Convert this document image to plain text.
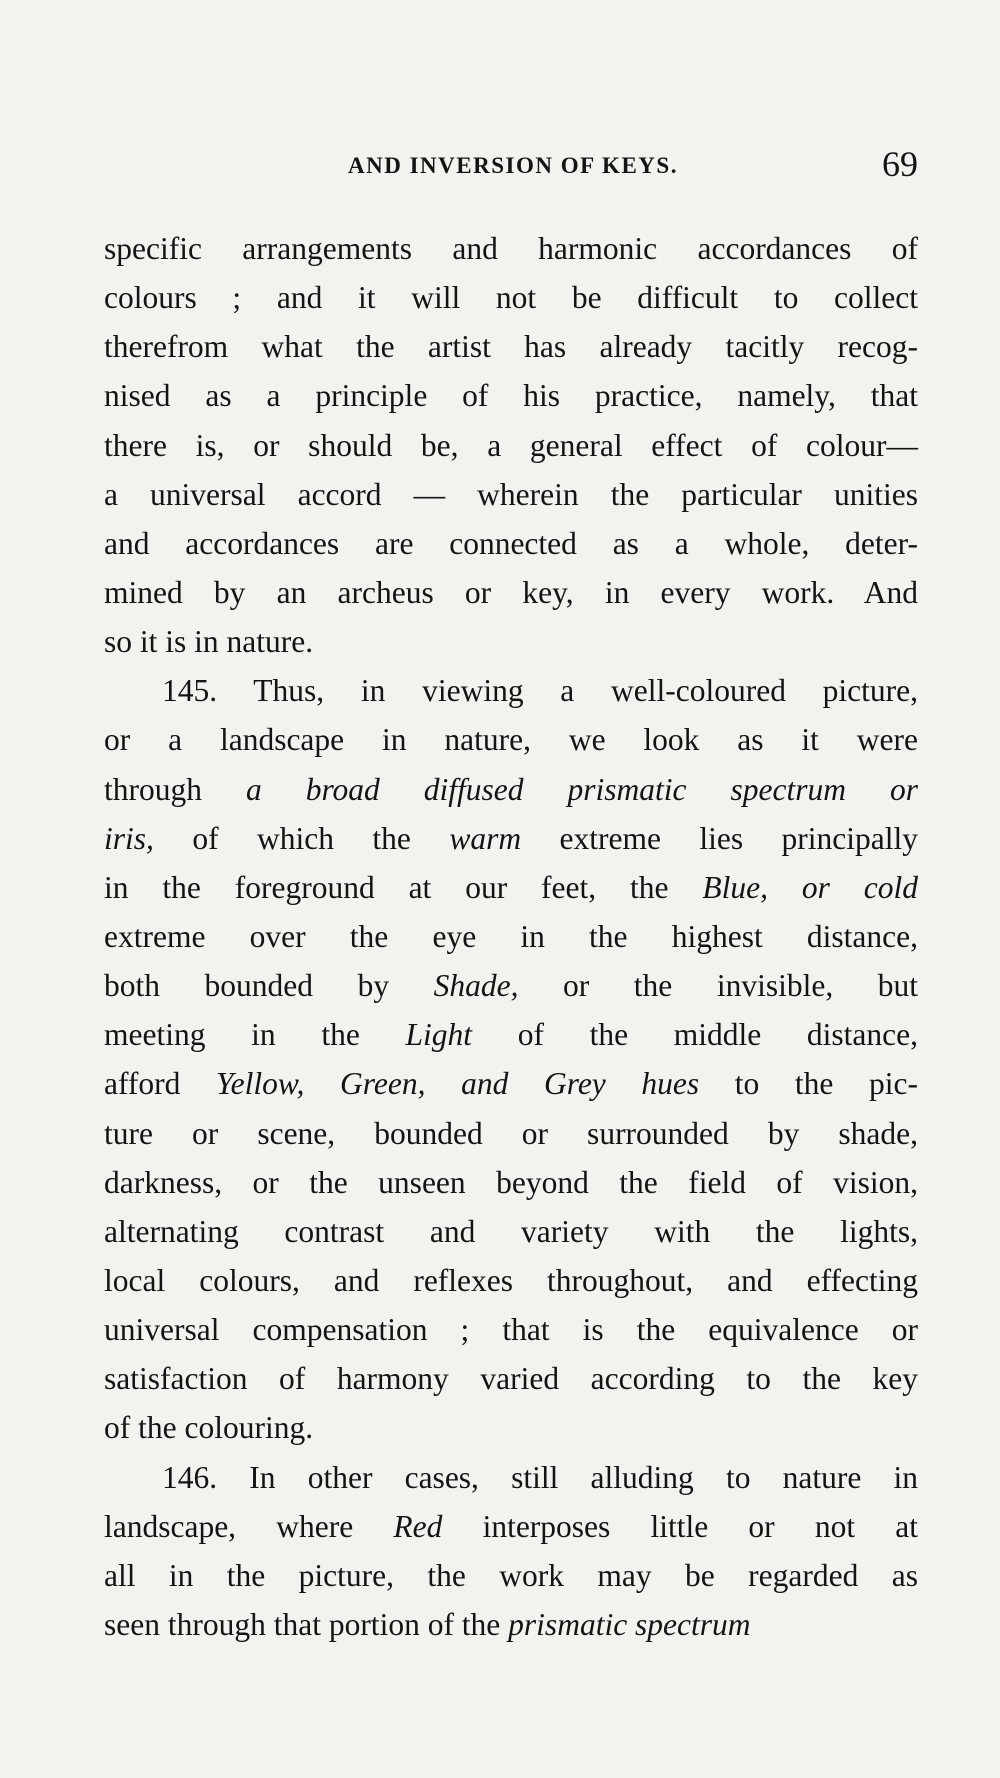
AND INVERSION OF KEYS.	69
specific arrangements and harmonic accordances of
colours ; and it will not be difficult to collect
therefrom what the artist has already tacitly recog-
nised as a principle of his practice, namely, that
there is, or should be, a general effect of colour—
a universal accord — wherein the particular unities
and accordances are connected as a whole, deter-
mined by an archeus or key, in every work. And
so it is in nature.
145. Thus, in viewing a well-coloured picture,
or a landscape in nature, we look as it were
through a broad diffused prismatic spectrum or
iris, of which the warm extreme lies principally
in the foreground at our feet, the Blue, or cold
extreme over the eye in the highest distance,
both bounded by Shade, or the invisible, but
meeting in the Light of the middle distance,
afford Yellow, Green, and Grey hues to the pic-
ture or scene, bounded or surrounded by shade,
darkness, or the unseen beyond the field of vision,
alternating contrast and variety with the lights,
local colours, and reflexes throughout, and effecting
universal compensation ; that is the equivalence or
satisfaction of harmony varied according to the key
of the colouring.
146. In other cases, still alluding to nature in
landscape, where Red interposes little or not at
all in the picture, the work may be regarded as
seen through that portion of the prismatic spectrum
